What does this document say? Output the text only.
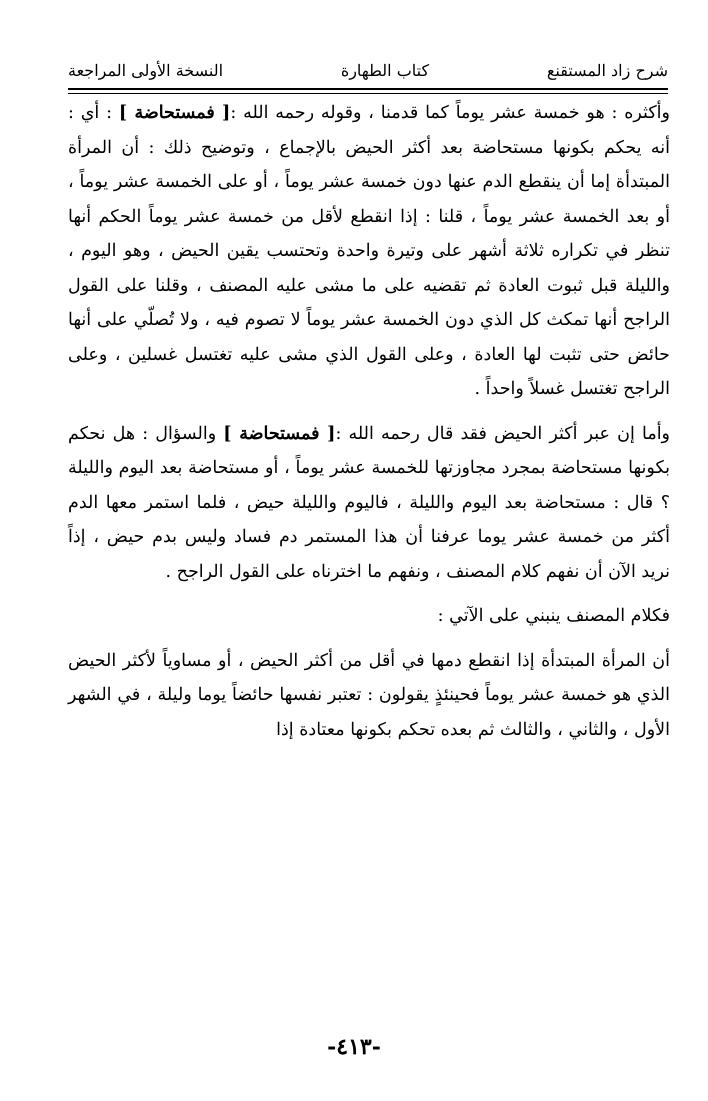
شرح زاد المستقنع
كتاب الطهارة
النسخة الأولى المراجعة

وأكثره : هو خمسة عشر يوماً كما قدمنا ، وقوله رحمه الله :[ فمستحاضة ] : أي : أنه يحكم بكونها مستحاضة بعد أكثر الحيض بالإجماع ، وتوضيح ذلك : أن المرأة المبتدأة إما أن ينقطع الدم عنها دون خمسة عشر يوماً ، أو على الخمسة عشر يوماً ، أو بعد الخمسة عشر يوماً ، قلنا : إذا انقطع لأقل من خمسة عشر يوماً الحكم أنها تنظر في تكراره ثلاثة أشهر على وتيرة واحدة وتحتسب يقين الحيض ، وهو اليوم ، والليلة قبل ثبوت العادة ثم تقضيه على ما مشى عليه المصنف ، وقلنا على القول الراجح أنها تمكث كل الذي دون الخمسة عشر يوماً لا تصوم فيه ، ولا تُصلّي على أنها حائض حتى تثبت لها العادة ، وعلى القول الذي مشى عليه تغتسل غسلين ، وعلى الراجح تغتسل غسلاً واحداً .

وأما إن عبر أكثر الحيض فقد قال رحمه الله :[ فمستحاضة ] والسؤال : هل نحكم بكونها مستحاضة بمجرد مجاوزتها للخمسة عشر يوماً ، أو مستحاضة بعد اليوم والليلة ؟ قال : مستحاضة بعد اليوم والليلة ، فاليوم والليلة حيض ، فلما استمر معها الدم أكثر من خمسة عشر يوما عرفنا أن هذا المستمر دم فساد وليس بدم حيض ، إذاً نريد الآن أن نفهم كلام المصنف ، ونفهم ما اخترناه على القول الراجح .

فكلام المصنف ينبني على الآتي :

أن المرأة المبتدأة إذا انقطع دمها في أقل من أكثر الحيض ، أو مساوياً لأكثر الحيض الذي هو خمسة عشر يوماً فحينئذٍ يقولون : تعتبر نفسها حائضاً يوما وليلة ، في الشهر الأول ، والثاني ، والثالث ثم بعده تحكم بكونها معتادة إذا

-٤١٣-
